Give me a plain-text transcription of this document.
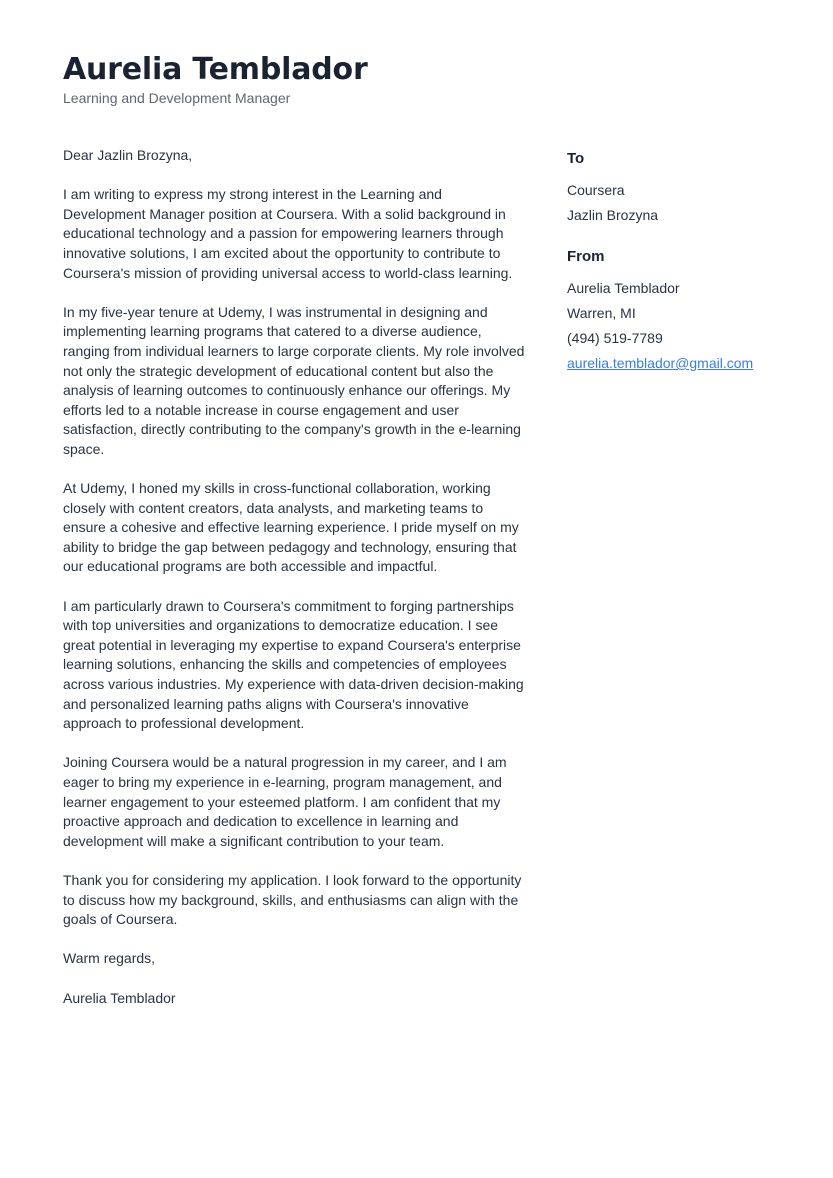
Aurelia Temblador
Learning and Development Manager

Dear Jazlin Brozyna,

I am writing to express my strong interest in the Learning and Development Manager position at Coursera. With a solid background in educational technology and a passion for empowering learners through innovative solutions, I am excited about the opportunity to contribute to Coursera's mission of providing universal access to world-class learning.

In my five-year tenure at Udemy, I was instrumental in designing and implementing learning programs that catered to a diverse audience, ranging from individual learners to large corporate clients. My role involved not only the strategic development of educational content but also the analysis of learning outcomes to continuously enhance our offerings. My efforts led to a notable increase in course engagement and user satisfaction, directly contributing to the company's growth in the e-learning space.

At Udemy, I honed my skills in cross-functional collaboration, working closely with content creators, data analysts, and marketing teams to ensure a cohesive and effective learning experience. I pride myself on my ability to bridge the gap between pedagogy and technology, ensuring that our educational programs are both accessible and impactful.

I am particularly drawn to Coursera's commitment to forging partnerships with top universities and organizations to democratize education. I see great potential in leveraging my expertise to expand Coursera's enterprise learning solutions, enhancing the skills and competencies of employees across various industries. My experience with data-driven decision-making and personalized learning paths aligns with Coursera's innovative approach to professional development.

Joining Coursera would be a natural progression in my career, and I am eager to bring my experience in e-learning, program management, and learner engagement to your esteemed platform. I am confident that my proactive approach and dedication to excellence in learning and development will make a significant contribution to your team.

Thank you for considering my application. I look forward to the opportunity to discuss how my background, skills, and enthusiasms can align with the goals of Coursera.

Warm regards,

Aurelia Temblador

To
Coursera
Jazlin Brozyna
From
Aurelia Temblador
Warren, MI
(494) 519-7789
aurelia.temblador@gmail.com
